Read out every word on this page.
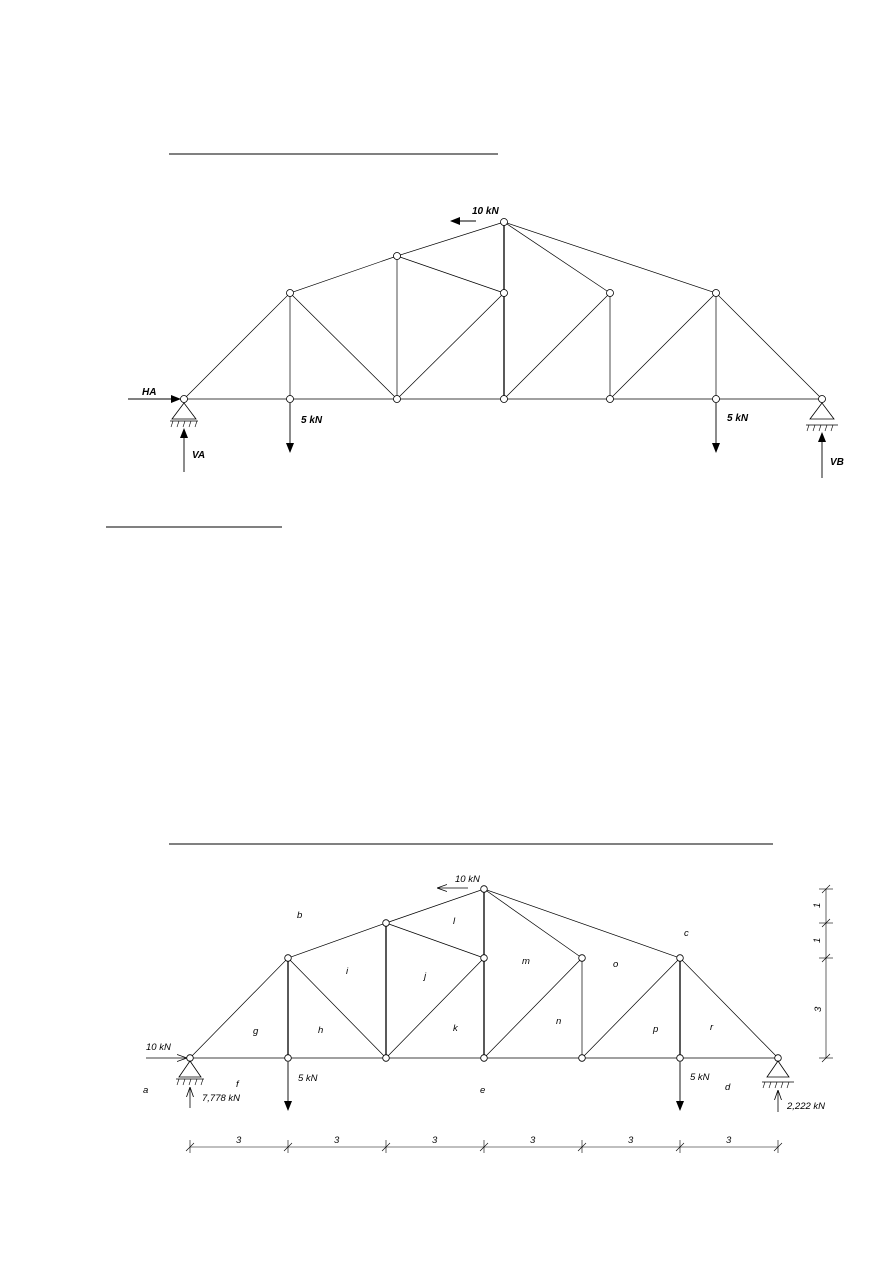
10 kN
5 kN	5 kN
HA
VA
VB
10 kN
5 kN	5 kN
10 kN
7,778 kN
2,222 kN
a
b
c
d
e
f
g	h
i	j
k
l
m
n
o
p	r
3	3	3	3	3	3
1
1
3
